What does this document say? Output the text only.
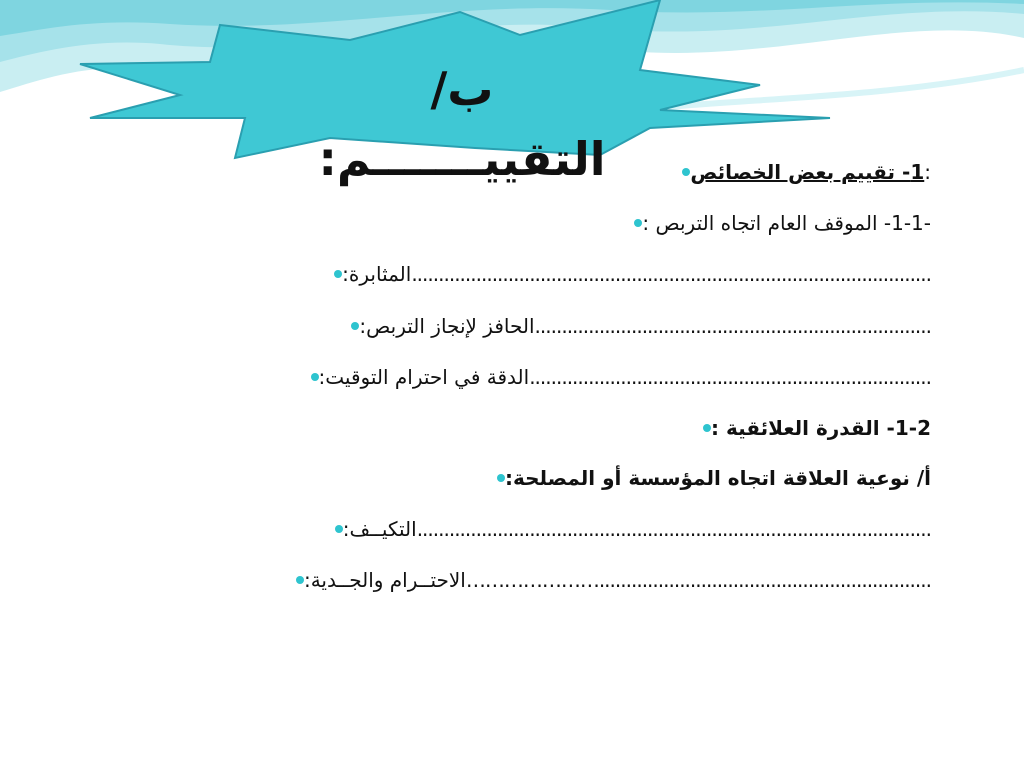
ب/ التقييـــــــم:	1- تقييم بعض الخصائص :
-1-1- الموقف العام اتجاه التربص :
المثابرة: .................................................................................................
الحافز لإنجاز التربص: ..........................................................................
الدقة في احترام التوقيت: ...........................................................................
1-2- القدرة العلائقية :
أ/ نوعية العلاقة اتجاه المؤسسة أو المصلحة:
التكيــف: ................................................................................................
الاحتــرام والجــدية: …………………..............................................................
